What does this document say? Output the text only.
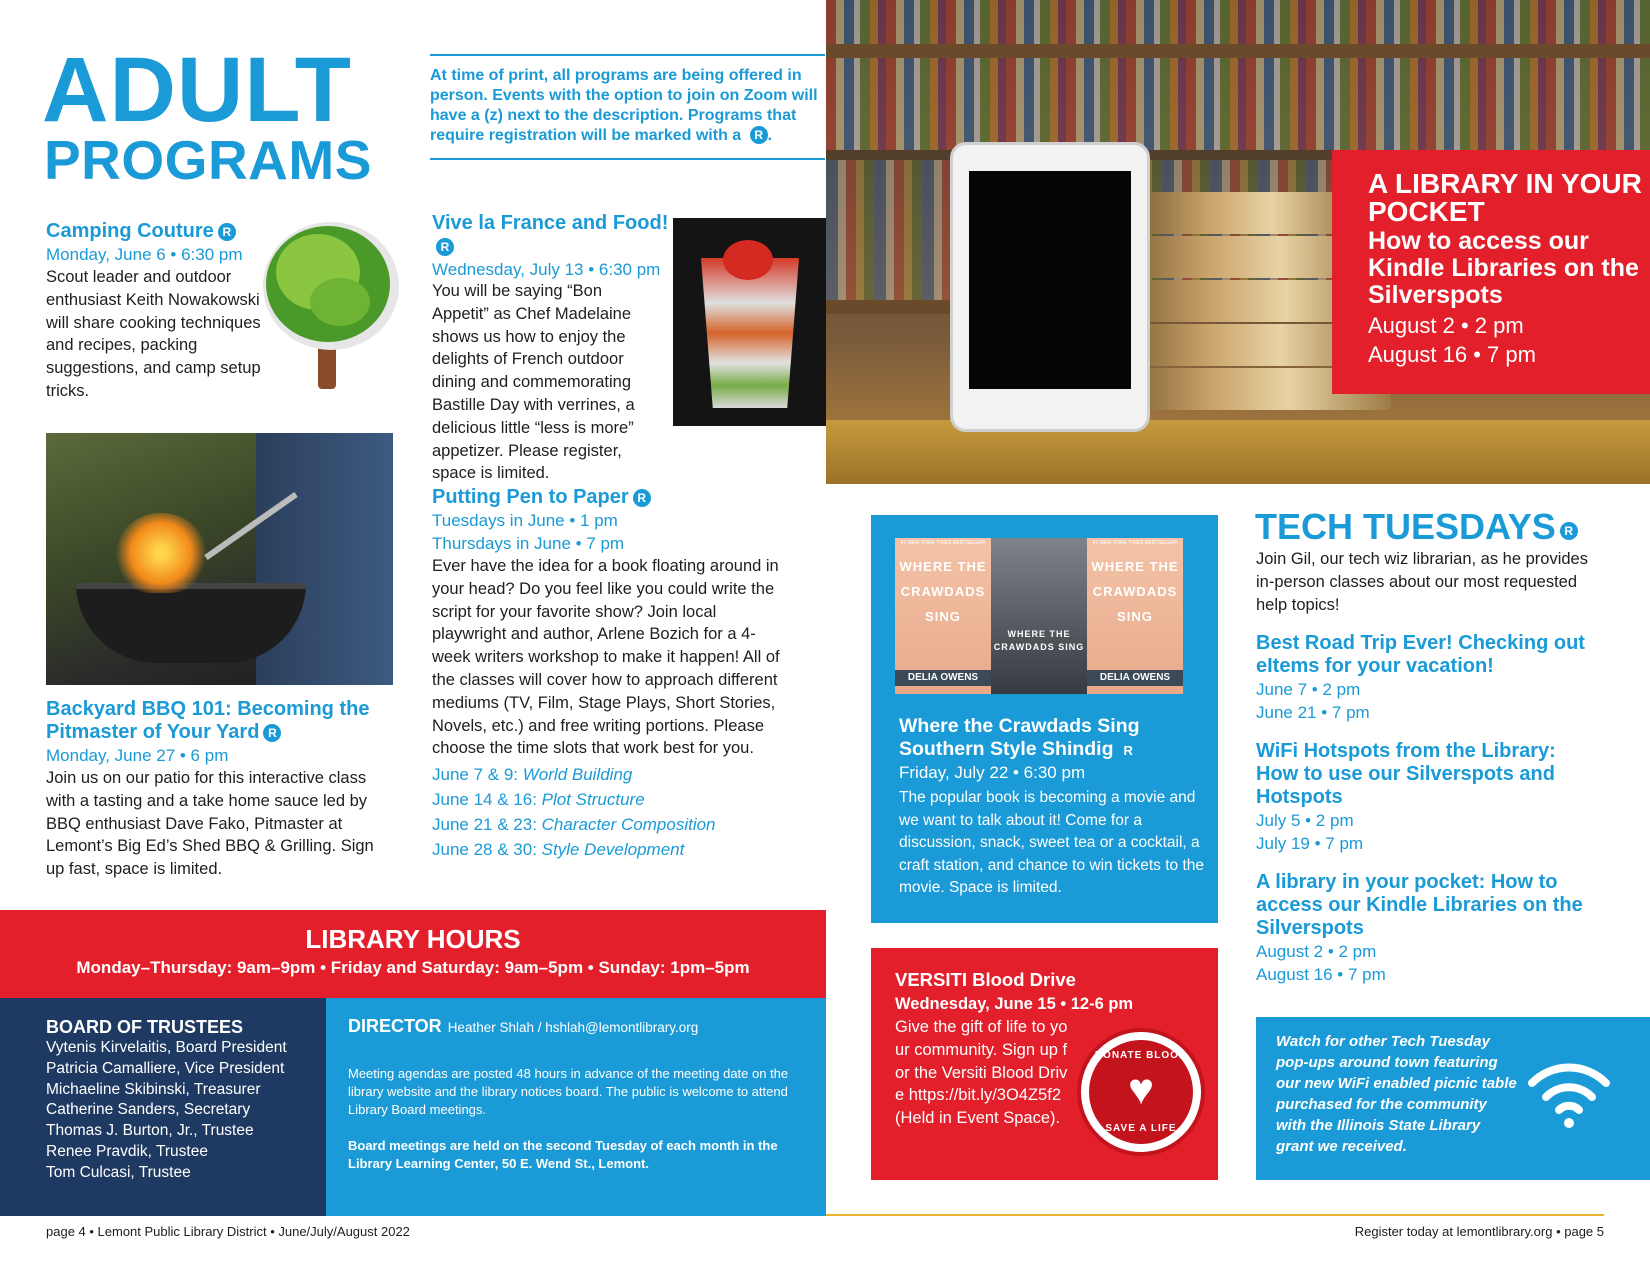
ADULT
PROGRAMS
At time of print, all programs are being offered in person. Events with the option to join on Zoom will have a (z) next to the description. Programs that require registration will be marked with a R .
Camping Couture R
Monday, June 6 • 6:30 pm
Scout leader and outdoor enthusiast Keith Nowakowski will share cooking techniques and recipes, packing suggestions, and camp setup tricks.
Backyard BBQ 101: Becoming the Pitmaster of Your Yard R
Monday, June 27 • 6 pm
Join us on our patio for this interactive class with a tasting and a take home sauce led by BBQ enthusiast Dave Fako, Pitmaster at Lemont’s Big Ed’s Shed BBQ & Grilling. Sign up fast, space is limited.
Vive la France and Food!R
Wednesday, July 13 • 6:30 pm
You will be saying “Bon Appetit” as Chef Madelaine shows us how to enjoy the delights of French outdoor dining and commemorating Bastille Day with verrines, a delicious little “less is more” appetizer. Please register, space is limited.
Putting Pen to Paper R
Tuesdays in June • 1 pm
Thursdays in June • 7 pm
Ever have the idea for a book floating around in your head? Do you feel like you could write the script for your favorite show? Join local playwright and author, Arlene Bozich for a 4-week writers workshop to make it happen! All of the classes will cover how to approach different mediums (TV, Film, Stage Plays, Short Stories, Novels, etc.) and free writing portions. Please choose the time slots that work best for you.
June 7 & 9: World Building
June 14 & 16: Plot Structure
June 21 & 23: Character Composition
June 28 & 30: Style Development
A LIBRARY IN YOUR POCKET
How to access our Kindle Libraries on the Silverspots
August 2 • 2 pm
August 16 • 7 pm
LIBRARY HOURS
Monday–Thursday: 9am–9pm • Friday and Saturday: 9am–5pm • Sunday: 1pm–5pm
BOARD OF TRUSTEES
Vytenis Kirvelaitis, Board President
Patricia Camalliere, Vice President
Michaeline Skibinski, Treasurer
Catherine Sanders, Secretary
Thomas J. Burton, Jr., Trustee
Renee Pravdik, Trustee
Tom Culcasi, Trustee
DIRECTOR Heather Shlah / hshlah@lemontlibrary.org
Meeting agendas are posted 48 hours in advance of the meeting date on the library website and the library notices board. The public is welcome to attend Library Board meetings.
Board meetings are held on the second Tuesday of each month in the Library Learning Center, 50 E. Wend St., Lemont.
#1 NEW YORK TIMES BESTSELLER
WHERE THE CRAWDADS SING
DELIA OWENS
WHERE THE CRAWDADS SING
#1 NEW YORK TIMES BESTSELLER
WHERE THE CRAWDADS SING
DELIA OWENS
Where the Crawdads Sing Southern Style Shindig R
Friday, July 22 • 6:30 pm
The popular book is becoming a movie and we want to talk about it! Come for a discussion, snack, sweet tea or a cocktail, a craft station, and chance to win tickets to the movie. Space is limited.
VERSITI Blood Drive
Wednesday, June 15 • 12-6 pm
Give the gift of life to your community. Sign up for the Versiti Blood Drive https://bit.ly/3O4Z5f2 (Held in Event Space).
DONATE BLOOD
♥
SAVE A LIFE
TECH TUESDAYS R
Join Gil, our tech wiz librarian, as he provides in-person classes about our most requested help topics!
Best Road Trip Ever! Checking out eItems for your vacation!
June 7 • 2 pm
June 21 • 7 pm
WiFi Hotspots from the Library: How to use our Silverspots and Hotspots
July 5 • 2 pm
July 19 • 7 pm
A library in your pocket: How to access our Kindle Libraries on the Silverspots
August 2 • 2 pm
August 16 • 7 pm
Watch for other Tech Tuesday pop-ups around town featuring our new WiFi enabled picnic table purchased for the community with the Illinois State Library grant we received.
page 4 • Lemont Public Library District • June/July/August 2022	Register today at lemontlibrary.org • page 5
